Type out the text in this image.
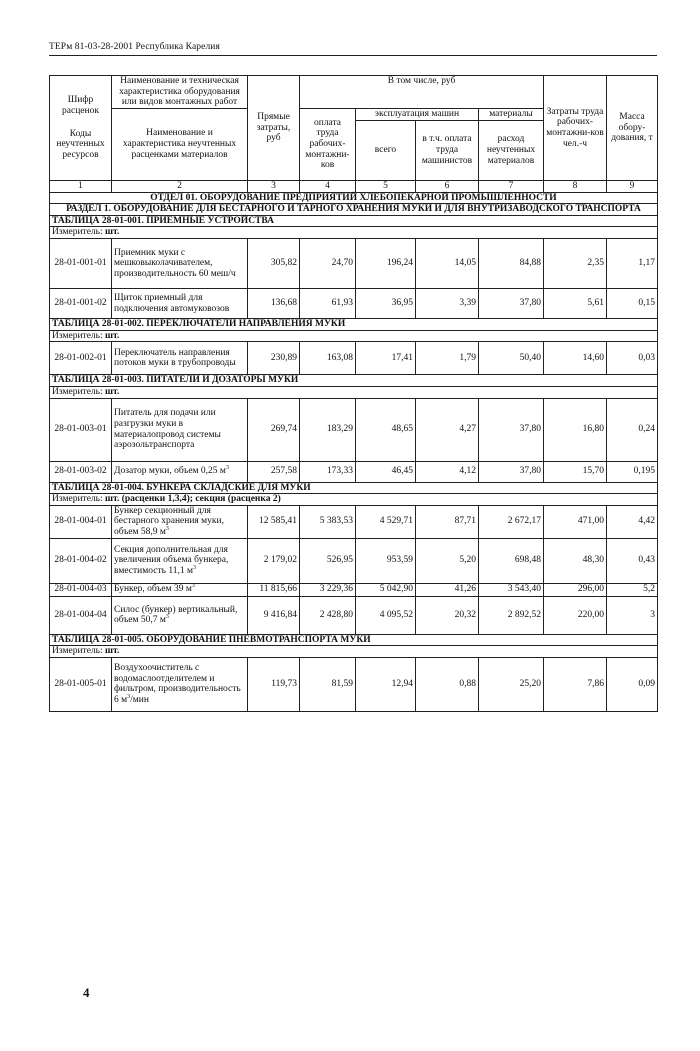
ТЕРм 81-03-28-2001 Республика Карелия
Шифр расценок
Коды неучтенных ресурсов	Наименование и техническая характеристика оборудования или видов монтажных работ	Прямые затраты, руб	В том числе, руб				Затраты труда рабочих-монтажни-ков чел.-ч	Масса обору-дования, т
	Наименование и характеристика неучтенных расценками материалов		оплата труда рабочих-монтажни-ков	эксплуатация машин		материалы		
				всего	в т.ч. оплата труда машинистов	расход неучтенных материалов		
1	2	3	4	5	6	7	8	9
ОТДЕЛ 01. ОБОРУДОВАНИЕ ПРЕДПРИЯТИЙ ХЛЕБОПЕКАРНОЙ ПРОМЫШЛЕННОСТИ								
РАЗДЕЛ 1. ОБОРУДОВАНИЕ ДЛЯ БЕСТАРНОГО И ТАРНОГО ХРАНЕНИЯ МУКИ И ДЛЯ ВНУТРИЗАВОДСКОГО ТРАНСПОРТА								
ТАБЛИЦА 28-01-001. ПРИЕМНЫЕ УСТРОЙСТВА								
Измеритель: шт.								
28-01-001-01	Приемник муки с мешковыколачивателем, производительность 60 меш/ч	305,82	24,70	196,24	14,05	84,88	2,35	1,17
28-01-001-02	Щиток приемный для подключения автомуковозов	136,68	61,93	36,95	3,39	37,80	5,61	0,15
ТАБЛИЦА 28-01-002. ПЕРЕКЛЮЧАТЕЛИ НАПРАВЛЕНИЯ МУКИ								
Измеритель: шт.								
28-01-002-01	Переключатель направления потоков муки в трубопроводы	230,89	163,08	17,41	1,79	50,40	14,60	0,03
ТАБЛИЦА 28-01-003. ПИТАТЕЛИ И ДОЗАТОРЫ МУКИ								
Измеритель: шт.								
28-01-003-01	Питатель для подачи или разгрузки муки в материалопровод системы аэрозольтранспорта	269,74	183,29	48,65	4,27	37,80	16,80	0,24
28-01-003-02	Дозатор муки, объем 0,25 $м^3$	257,58	173,33	46,45	4,12	37,80	15,70	0,195
ТАБЛИЦА 28-01-004. БУНКЕРА СКЛАДСКИЕ ДЛЯ МУКИ								
Измеритель: шт. (расценки 1,3,4); секция (расценка 2)								
28-01-004-01	Бункер секционный для бестарного хранения муки, объем 58,9 $м^3$	12 585,41	5 383,53	4 529,71	87,71	2 672,17	471,00	4,42
28-01-004-02	Секция дополнительная для увеличения объема бункера, вместимость 11,1 $м^3$	2 179,02	526,95	953,59	5,20	698,48	48,30	0,43
28-01-004-03	Бункер, объем 39 $м^3$	11 815,66	3 229,36	5 042,90	41,26	3 543,40	296,00	5,2
28-01-004-04	Силос (бункер) вертикальный, объем 50,7 $м^3$	9 416,84	2 428,80	4 095,52	20,32	2 892,52	220,00	3
ТАБЛИЦА 28-01-005. ОБОРУДОВАНИЕ ПНЕВМОТРАНСПОРТА МУКИ								
Измеритель: шт.								
28-01-005-01	Воздухоочиститель с водомаслоотделителем и фильтром, производительность 6 $м^3$/мин	119,73	81,59	12,94	0,88	25,20	7,86	0,09
4
